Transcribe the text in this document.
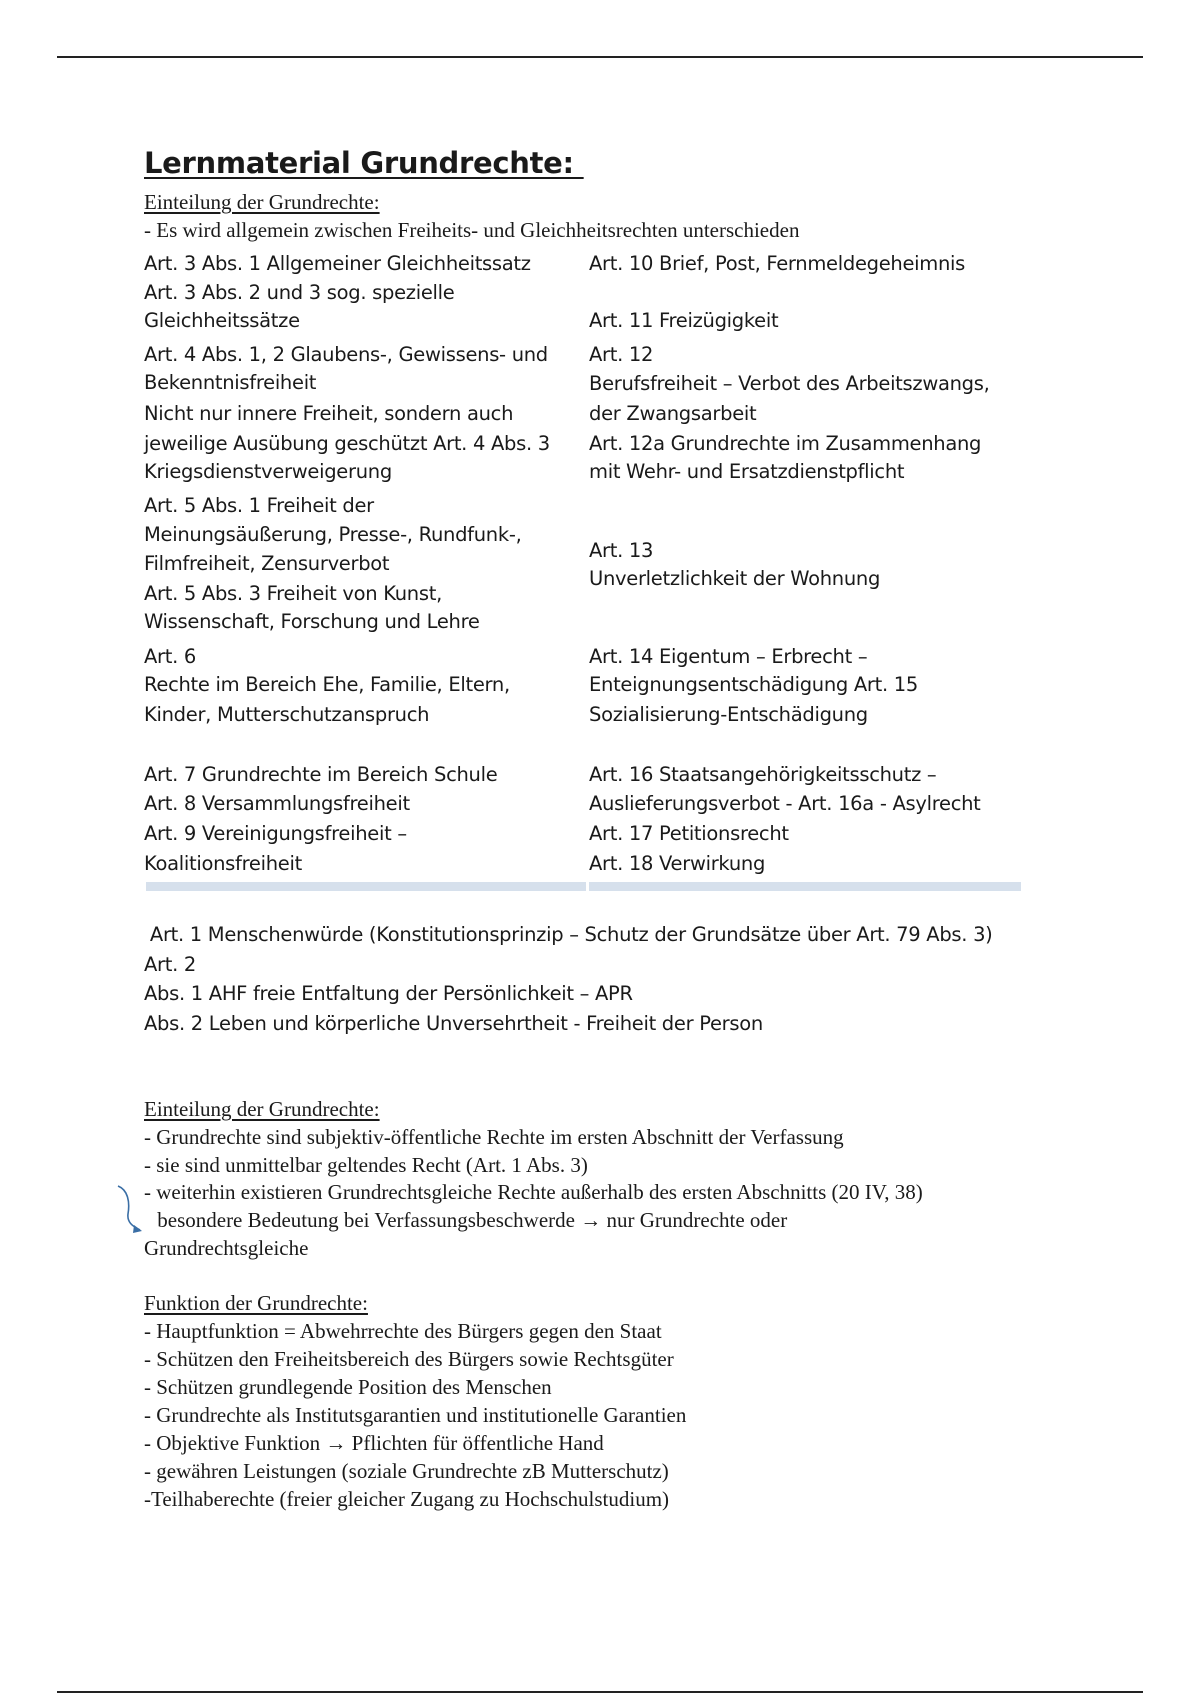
Lernmaterial Grundrechte:
Einteilung der Grundrechte:
- Es wird allgemein zwischen Freiheits- und Gleichheitsrechten unterschieden
Art. 3 Abs. 1 Allgemeiner Gleichheitssatz
Art. 3 Abs. 2 und 3 sog. spezielle
Gleichheitssätze
Art. 4 Abs. 1, 2 Glaubens-, Gewissens- und
Bekenntnisfreiheit
Nicht nur innere Freiheit, sondern auch
jeweilige Ausübung geschützt Art. 4 Abs. 3
Kriegsdienstverweigerung
Art. 5 Abs. 1 Freiheit der
Meinungsäußerung, Presse-, Rundfunk-,
Filmfreiheit, Zensurverbot
Art. 5 Abs. 3 Freiheit von Kunst,
Wissenschaft, Forschung und Lehre
Art. 6
Rechte im Bereich Ehe, Familie, Eltern,
Kinder, Mutterschutzanspruch
Art. 7 Grundrechte im Bereich Schule
Art. 8 Versammlungsfreiheit
Art. 9 Vereinigungsfreiheit –
Koalitionsfreiheit
Art. 10 Brief, Post, Fernmeldegeheimnis
Art. 11 Freizügigkeit
Art. 12
Berufsfreiheit – Verbot des Arbeitszwangs,
der Zwangsarbeit
Art. 12a Grundrechte im Zusammenhang
mit Wehr- und Ersatzdienstpflicht
Art. 13
Unverletzlichkeit der Wohnung
Art. 14 Eigentum – Erbrecht –
Enteignungsentschädigung Art. 15
Sozialisierung-Entschädigung
Art. 16 Staatsangehörigkeitsschutz –
Auslieferungsverbot - Art. 16a - Asylrecht
Art. 17 Petitionsrecht
Art. 18 Verwirkung
Art. 1 Menschenwürde (Konstitutionsprinzip – Schutz der Grundsätze über Art. 79 Abs. 3)
Art. 2
Abs. 1 AHF freie Entfaltung der Persönlichkeit – APR
Abs. 2 Leben und körperliche Unversehrtheit - Freiheit der Person
Einteilung der Grundrechte:
- Grundrechte sind subjektiv-öffentliche Rechte im ersten Abschnitt der Verfassung
- sie sind unmittelbar geltendes Recht (Art. 1 Abs. 3)
- weiterhin existieren Grundrechtsgleiche Rechte außerhalb des ersten Abschnitts (20 IV, 38)
besondere Bedeutung bei Verfassungsbeschwerde → nur Grundrechte oder
Grundrechtsgleiche
Funktion der Grundrechte:
- Hauptfunktion = Abwehrrechte des Bürgers gegen den Staat
- Schützen den Freiheitsbereich des Bürgers sowie Rechtsgüter
- Schützen grundlegende Position des Menschen
- Grundrechte als Institutsgarantien und institutionelle Garantien
- Objektive Funktion → Pflichten für öffentliche Hand
- gewähren Leistungen (soziale Grundrechte zB Mutterschutz)
-Teilhaberechte (freier gleicher Zugang zu Hochschulstudium)
